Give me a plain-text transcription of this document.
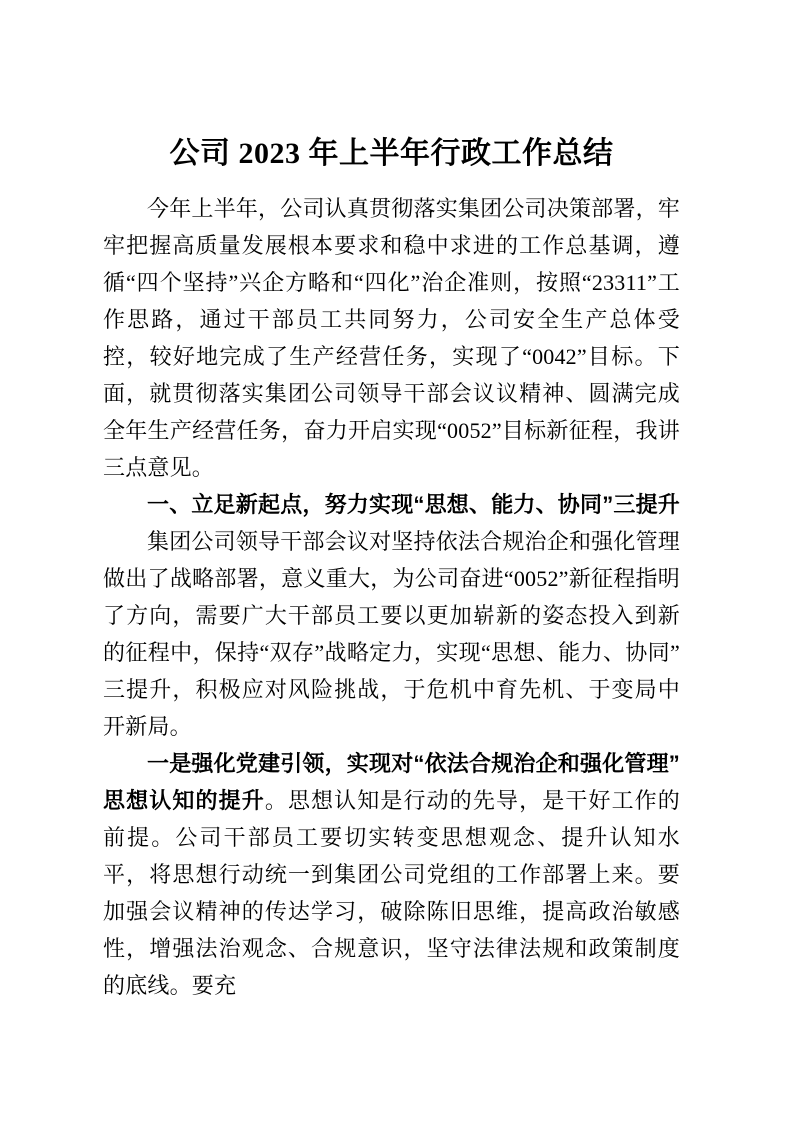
公司 2023 年上半年行政工作总结

今年上半年，公司认真贯彻落实集团公司决策部署，牢牢把握高质量发展根本要求和稳中求进的工作总基调，遵循“四个坚持”兴企方略和“四化”治企准则，按照“23311”工作思路，通过干部员工共同努力，公司安全生产总体受控，较好地完成了生产经营任务，实现了“0042”目标。下面，就贯彻落实集团公司领导干部会议议精神、圆满完成全年生产经营任务，奋力开启实现“0052”目标新征程，我讲三点意见。

一、立足新起点，努力实现“思想、能力、协同”三提升

集团公司领导干部会议对坚持依法合规治企和强化管理做出了战略部署，意义重大，为公司奋进“0052”新征程指明了方向，需要广大干部员工要以更加崭新的姿态投入到新的征程中，保持“双存”战略定力，实现“思想、能力、协同”三提升，积极应对风险挑战，于危机中育先机、于变局中开新局。

一是强化党建引领，实现对“依法合规治企和强化管理”思想认知的提升。思想认知是行动的先导，是干好工作的前提。公司干部员工要切实转变思想观念、提升认知水平，将思想行动统一到集团公司党组的工作部署上来。要加强会议精神的传达学习，破除陈旧思维，提高政治敏感性，增强法治观念、合规意识，坚守法律法规和政策制度的底线。要充
